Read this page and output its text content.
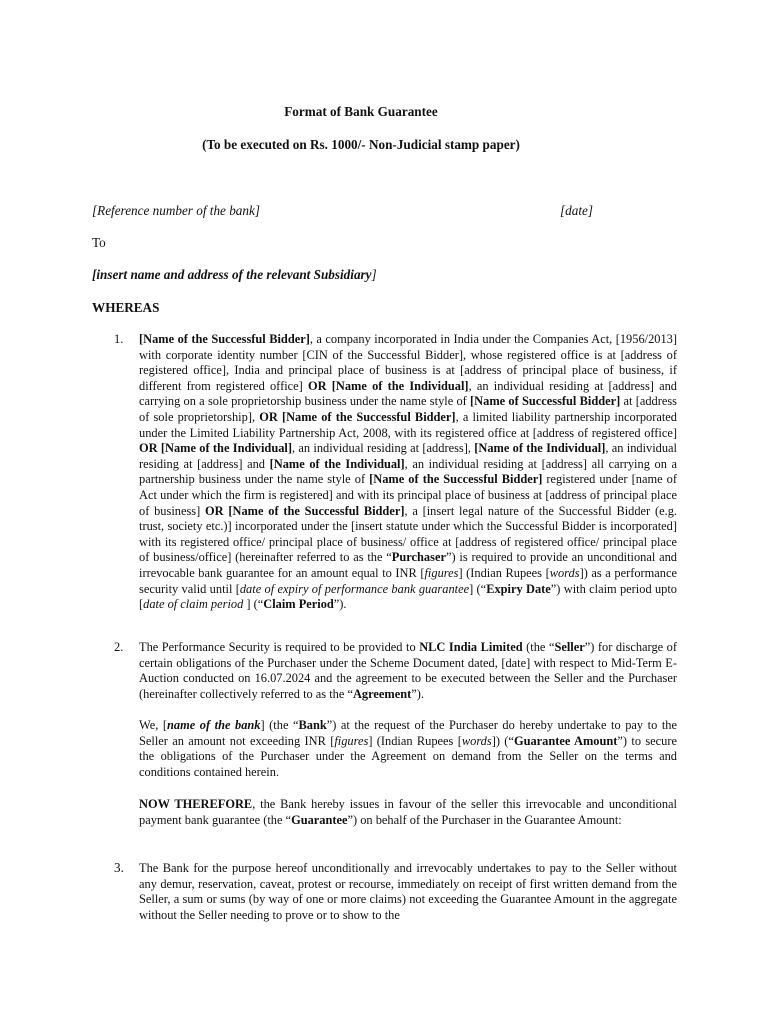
Format of Bank Guarantee
(To be executed on Rs. 1000/- Non-Judicial stamp paper)
[Reference number of the bank]	[date]
To
[insert name and address of the relevant Subsidiary]
WHEREAS
1. [Name of the Successful Bidder], a company incorporated in India under the Companies Act, [1956/2013] with corporate identity number [CIN of the Successful Bidder], whose registered office is at [address of registered office], India and principal place of business is at [address of principal place of business, if different from registered office] OR [Name of the Individual], an individual residing at [address] and carrying on a sole proprietorship business under the name style of [Name of Successful Bidder] at [address of sole proprietorship], OR [Name of the Successful Bidder], a limited liability partnership incorporated under the Limited Liability Partnership Act, 2008, with its registered office at [address of registered office] OR [Name of the Individual], an individual residing at [address], [Name of the Individual], an individual residing at [address] and [Name of the Individual], an individual residing at [address] all carrying on a partnership business under the name style of [Name of the Successful Bidder] registered under [name of Act under which the firm is registered] and with its principal place of business at [address of principal place of business] OR [Name of the Successful Bidder], a [insert legal nature of the Successful Bidder (e.g. trust, society etc.)] incorporated under the [insert statute under which the Successful Bidder is incorporated] with its registered office/ principal place of business/ office at [address of registered office/ principal place of business/office] (hereinafter referred to as the “Purchaser”) is required to provide an unconditional and irrevocable bank guarantee for an amount equal to INR [figures] (Indian Rupees [words]) as a performance security valid until [date of expiry of performance bank guarantee] (“Expiry Date”) with claim period upto [date of claim period ] (“Claim Period”).

2. The Performance Security is required to be provided to NLC India Limited (the “Seller”) for discharge of certain obligations of the Purchaser under the Scheme Document dated, [date] with respect to Mid-Term E-Auction conducted on 16.07.2024 and the agreement to be executed between the Seller and the Purchaser (hereinafter collectively referred to as the “Agreement”).

We, [name of the bank] (the “Bank”) at the request of the Purchaser do hereby undertake to pay to the Seller an amount not exceeding INR [figures] (Indian Rupees [words]) (“Guarantee Amount”) to secure the obligations of the Purchaser under the Agreement on demand from the Seller on the terms and conditions contained herein.

NOW THEREFORE, the Bank hereby issues in favour of the seller this irrevocable and unconditional payment bank guarantee (the “Guarantee”) on behalf of the Purchaser in the Guarantee Amount:

3. The Bank for the purpose hereof unconditionally and irrevocably undertakes to pay to the Seller without any demur, reservation, caveat, protest or recourse, immediately on receipt of first written demand from the Seller, a sum or sums (by way of one or more claims) not exceeding the Guarantee Amount in the aggregate without the Seller needing to prove or to show to the
